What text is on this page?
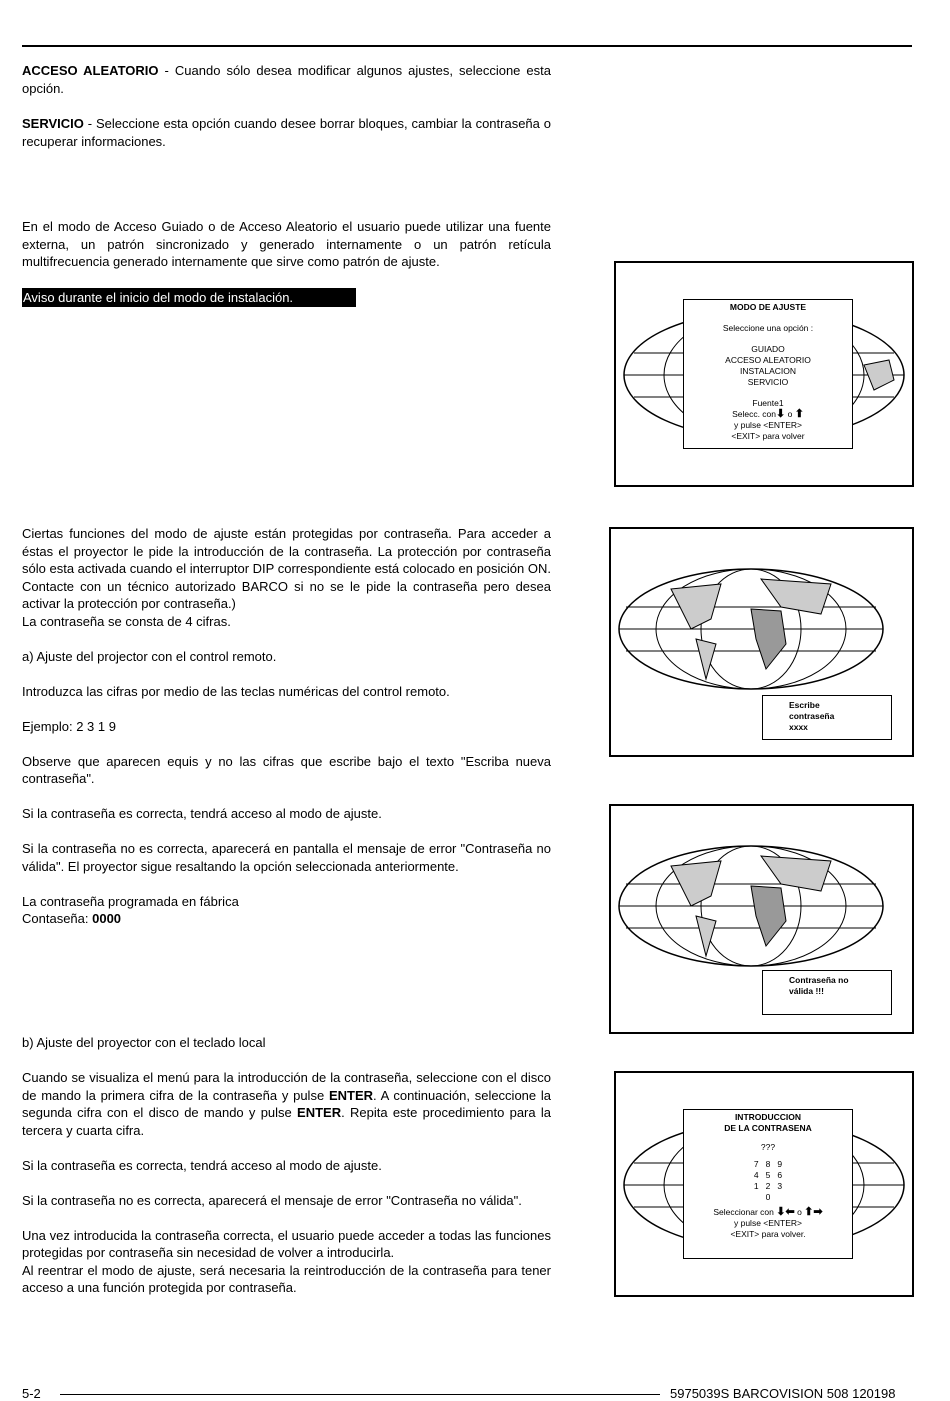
ACCESO ALEATORIO - Cuando sólo desea modificar algunos ajustes, seleccione esta opción.

SERVICIO - Seleccione esta opción cuando desee borrar bloques, cambiar la contraseña o recuperar informaciones.

En el modo de Acceso Guiado o de Acceso Aleatorio el usuario puede utilizar una fuente externa, un patrón sincronizado y generado internamente o un patrón retícula multifrecuencia generado internamente que sirve como patrón de ajuste.
Aviso durante el inicio del modo de instalación.

Ciertas funciones del modo de ajuste están protegidas por contraseña. Para acceder a éstas el proyector le pide la introducción de la contraseña. La protección por contraseña sólo esta activada cuando el interruptor DIP correspondiente está colocado en posición ON. Contacte con un técnico autorizado BARCO si no se le pide la contraseña pero desea activar la protección por contraseña.)

La contraseña se consta de 4 cifras.

a) Ajuste del projector con el control remoto.

Introduzca las cifras por medio de las teclas numéricas del control remoto.

Ejemplo: 2 3 1 9

Observe que aparecen equis y no las cifras que escribe bajo el texto "Escriba nueva contraseña".

Si la contraseña es correcta, tendrá acceso al modo de ajuste.

Si la contraseña no es correcta, aparecerá en pantalla el mensaje de error "Contraseña no válida". El proyector sigue resaltando la opción seleccionada anteriormente.

La contraseña programada en fábrica

Contaseña: 0000

b) Ajuste del proyector con el teclado local

Cuando se visualiza el menú para la introducción de la contraseña, seleccione con el disco de mando la primera cifra de la contraseña y pulse ENTER. A continuación, seleccione la segunda cifra con el disco de mando y pulse ENTER. Repita este procedimiento para la tercera y cuarta cifra.

Si la contraseña es correcta, tendrá acceso al modo de ajuste.

Si la contraseña no es correcta, aparecerá el mensaje de error "Contraseña no válida".

Una vez introducida la contraseña correcta, el usuario puede acceder a todas las funciones protegidas por contraseña sin necesidad de volver a introducirla.

Al reentrar el modo de ajuste, será necesaria la reintroducción de la contraseña para tener acceso a una función protegida por contraseña.

MODO DE AJUSTE
Seleccione una opción :
GUIADO
ACCESO ALEATORIO
INSTALACION
SERVICIO
Fuente1
Selecc. con⬇ o ⬆
y pulse <ENTER>
<EXIT> para volver
Escribe
contraseña
xxxx
Contraseña no
válida !!!
INTRODUCCION
DE LA CONTRASENA
???
7   8   9
4   5   6
1   2   3
0
Seleccionar con ⬇⬅ o ⬆➡
y pulse <ENTER>
<EXIT> para volver.
5-2	5975039S BARCOVISION 508 120198
